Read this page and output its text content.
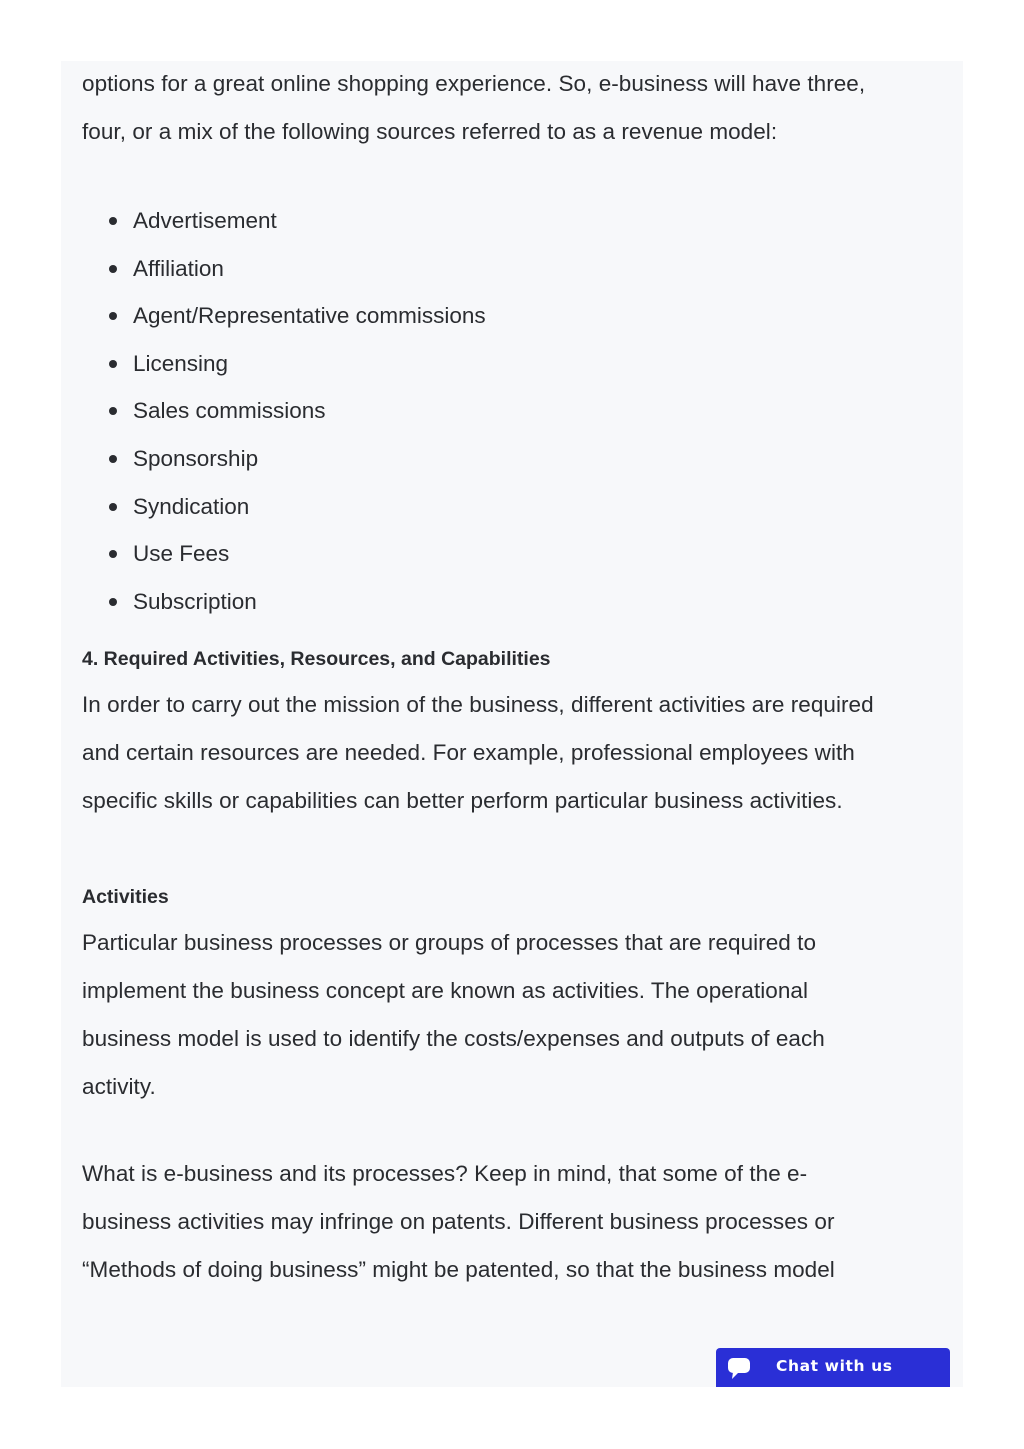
options for a great online shopping experience. So, e-business will have three,
four, or a mix of the following sources referred to as a revenue model:

Advertisement
Affiliation
Agent/Representative commissions
Licensing
Sales commissions
Sponsorship
Syndication
Use Fees
Subscription
4. Required Activities, Resources, and Capabilities

In order to carry out the mission of the business, different activities are required
and certain resources are needed. For example, professional employees with
specific skills or capabilities can better perform particular business activities.

Activities

Particular business processes or groups of processes that are required to
implement the business concept are known as activities. The operational
business model is used to identify the costs/expenses and outputs of each
activity.

What is e-business and its processes? Keep in mind, that some of the e-
business activities may infringe on patents. Different business processes or
“Methods of doing business” might be patented, so that the business model

Chat with us
